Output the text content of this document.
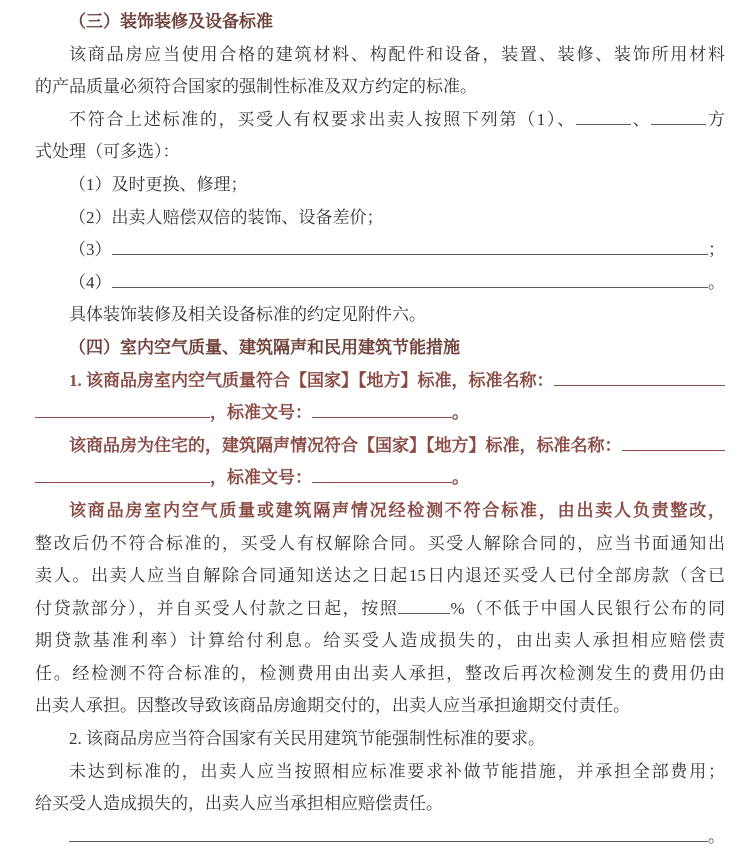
（三）装饰装修及设备标准
该商品房应当使用合格的建筑材料、构配件和设备，装置、装修、装饰所用材料
的产品质量必须符合国家的强制性标准及双方约定的标准。
不符合上述标准的，买受人有权要求出卖人按照下列第（1）、	、	方
式处理（可多选）：
（1）及时更换、修理；
（2）出卖人赔偿双倍的装饰、设备差价；
（3）	；
（4）	。
具体装饰装修及相关设备标准的约定见附件六。
（四）室内空气质量、建筑隔声和民用建筑节能措施
1. 该商品房室内空气质量符合【国家】【地方】标准，标准名称：
，标准文号：	。
该商品房为住宅的，建筑隔声情况符合【国家】【地方】标准，标准名称：
，标准文号：	。
该商品房室内空气质量或建筑隔声情况经检测不符合标准，由出卖人负责整改，
整改后仍不符合标准的，买受人有权解除合同。买受人解除合同的，应当书面通知出
卖人。出卖人应当自解除合同通知送达之日起15日内退还买受人已付全部房款（含已
付贷款部分），并自买受人付款之日起，按照	%（不低于中国人民银行公布的同
期贷款基准利率）计算给付利息。给买受人造成损失的，由出卖人承担相应赔偿责
任。经检测不符合标准的，检测费用由出卖人承担，整改后再次检测发生的费用仍由
出卖人承担。因整改导致该商品房逾期交付的，出卖人应当承担逾期交付责任。
2. 该商品房应当符合国家有关民用建筑节能强制性标准的要求。
未达到标准的，出卖人应当按照相应标准要求补做节能措施，并承担全部费用；
给买受人造成损失的，出卖人应当承担相应赔偿责任。
。
